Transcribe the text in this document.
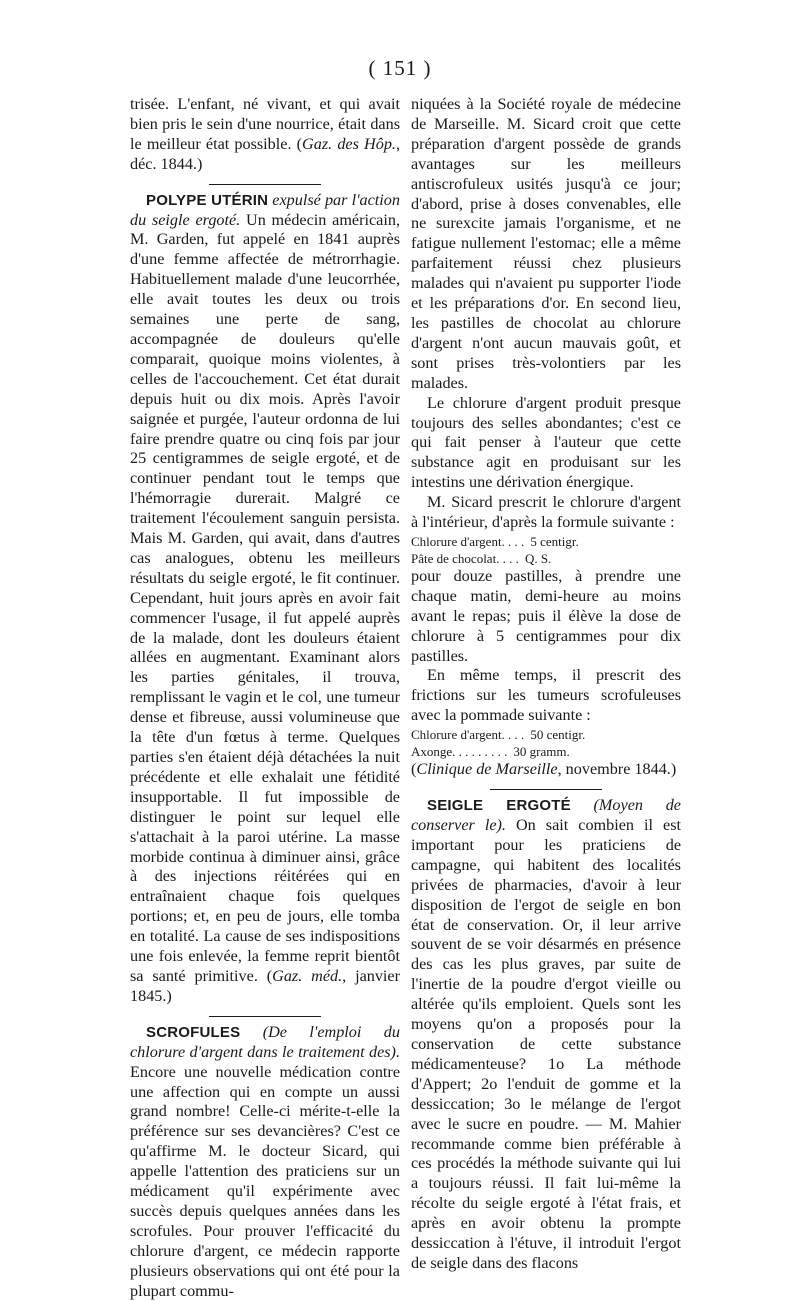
( 151 )

trisée. L'enfant, né vivant, et qui avait bien pris le sein d'une nourrice, était dans le meilleur état possible. (Gaz. des Hôp., déc. 1844.)

POLYPE UTÉRIN expulsé par l'action du seigle ergoté. Un médecin américain, M. Garden, fut appelé en 1841 auprès d'une femme affectée de métrorrhagie. Habituellement malade d'une leucorrhée, elle avait toutes les deux ou trois semaines une perte de sang, accompagnée de douleurs qu'elle comparait, quoique moins violentes, à celles de l'accouchement. Cet état durait depuis huit ou dix mois. Après l'avoir saignée et purgée, l'auteur ordonna de lui faire prendre quatre ou cinq fois par jour 25 centigrammes de seigle ergoté, et de continuer pendant tout le temps que l'hémorragie durerait. Malgré ce traitement l'écoulement sanguin persista. Mais M. Garden, qui avait, dans d'autres cas analogues, obtenu les meilleurs résultats du seigle ergoté, le fit continuer. Cependant, huit jours après en avoir fait commencer l'usage, il fut appelé auprès de la malade, dont les douleurs étaient allées en augmentant. Examinant alors les parties génitales, il trouva, remplissant le vagin et le col, une tumeur dense et fibreuse, aussi volumineuse que la tête d'un fœtus à terme. Quelques parties s'en étaient déjà détachées la nuit précédente et elle exhalait une fétidité insupportable. Il fut impossible de distinguer le point sur lequel elle s'attachait à la paroi utérine. La masse morbide continua à diminuer ainsi, grâce à des injections réitérées qui en entraînaient chaque fois quelques portions; et, en peu de jours, elle tomba en totalité. La cause de ses indispositions une fois enlevée, la femme reprit bientôt sa santé primitive. (Gaz. méd., janvier 1845.)

SCROFULES (De l'emploi du chlorure d'argent dans le traitement des). Encore une nouvelle médication contre une affection qui en compte un aussi grand nombre! Celle-ci mérite-t-elle la préférence sur ses devancières? C'est ce qu'affirme M. le docteur Sicard, qui appelle l'attention des praticiens sur un médicament qu'il expérimente avec succès depuis quelques années dans les scrofules. Pour prouver l'efficacité du chlorure d'argent, ce médecin rapporte plusieurs observations qui ont été pour la plupart commu-

niquées à la Société royale de médecine de Marseille. M. Sicard croit que cette préparation d'argent possède de grands avantages sur les meilleurs antiscrofuleux usités jusqu'à ce jour; d'abord, prise à doses convenables, elle ne surexcite jamais l'organisme, et ne fatigue nullement l'estomac; elle a même parfaitement réussi chez plusieurs malades qui n'avaient pu supporter l'iode et les préparations d'or. En second lieu, les pastilles de chocolat au chlorure d'argent n'ont aucun mauvais goût, et sont prises très-volontiers par les malades.

Le chlorure d'argent produit presque toujours des selles abondantes; c'est ce qui fait penser à l'auteur que cette substance agit en produisant sur les intestins une dérivation énergique.

M. Sicard prescrit le chlorure d'argent à l'intérieur, d'après la formule suivante :

Chlorure d'argent. . . . 5 centigr.
Pâte de chocolat. . . . Q. S.

pour douze pastilles, à prendre une chaque matin, demi-heure au moins avant le repas; puis il élève la dose de chlorure à 5 centigrammes pour dix pastilles.

En même temps, il prescrit des frictions sur les tumeurs scrofuleuses avec la pommade suivante :

Chlorure d'argent. . . . 50 centigr.
Axonge. . . . . . . . . 30 gramm.

(Clinique de Marseille, novembre 1844.)

SEIGLE ERGOTÉ (Moyen de conserver le). On sait combien il est important pour les praticiens de campagne, qui habitent des localités privées de pharmacies, d'avoir à leur disposition de l'ergot de seigle en bon état de conservation. Or, il leur arrive souvent de se voir désarmés en présence des cas les plus graves, par suite de l'inertie de la poudre d'ergot vieille ou altérée qu'ils emploient. Quels sont les moyens qu'on a proposés pour la conservation de cette substance médicamenteuse? 1o La méthode d'Appert; 2o l'enduit de gomme et la dessiccation; 3o le mélange de l'ergot avec le sucre en poudre. — M. Mahier recommande comme bien préférable à ces procédés la méthode suivante qui lui a toujours réussi. Il fait lui-même la récolte du seigle ergoté à l'état frais, et après en avoir obtenu la prompte dessiccation à l'étuve, il introduit l'ergot de seigle dans des flacons
